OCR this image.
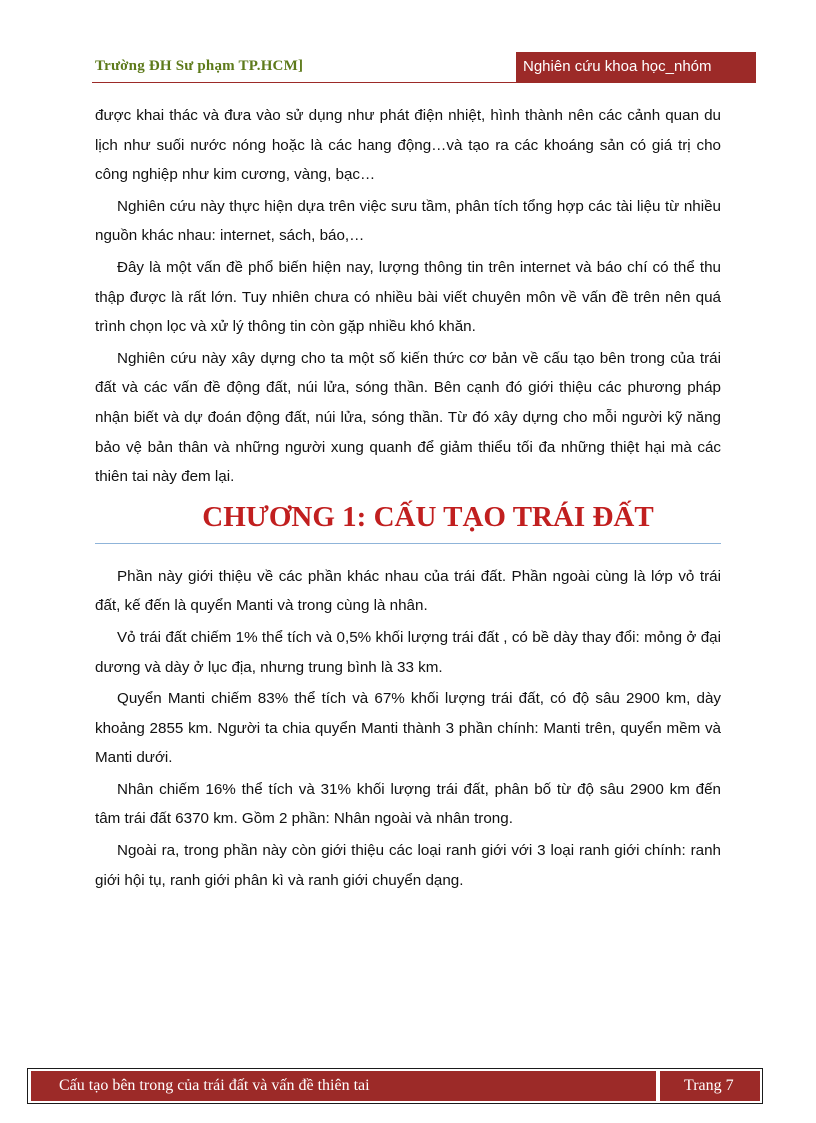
Trường ĐH Sư phạm TP.HCM]	Nghiên cứu khoa học_nhóm

được khai thác và đưa vào sử dụng như phát điện nhiệt, hình thành nên các cảnh quan du lịch như suối nước nóng hoặc là các hang động…và tạo ra các khoáng sản có giá trị cho công nghiệp như kim cương, vàng, bạc…

Nghiên cứu này thực hiện dựa trên việc sưu tầm, phân tích tổng hợp các tài liệu từ nhiều nguồn khác nhau: internet, sách, báo,…

Đây là một vấn đề phổ biến hiện nay, lượng thông tin trên internet và báo chí có thể thu thập được là rất lớn. Tuy nhiên chưa có nhiều bài viết chuyên môn về vấn đề trên nên quá trình chọn lọc và xử lý thông tin còn gặp nhiều khó khăn.

Nghiên cứu này xây dựng cho ta một số kiến thức cơ bản về cấu tạo bên trong của trái đất và các vấn đề động đất, núi lửa, sóng thần. Bên cạnh đó giới thiệu các phương pháp nhận biết và dự đoán động đất, núi lửa, sóng thần. Từ đó xây dựng cho mỗi người kỹ năng bảo vệ bản thân và những người xung quanh để giảm thiểu tối đa những thiệt hại mà các thiên tai này đem lại.

CHƯƠNG 1: CẤU TẠO TRÁI ĐẤT

Phần này giới thiệu về các phần khác nhau của trái đất. Phần ngoài cùng là lớp vỏ trái đất, kế đến là quyển Manti và trong cùng là nhân.

Vỏ trái đất chiếm 1% thể tích và 0,5% khối lượng trái đất , có bề dày thay đổi: mỏng ở đại dương và dày ở lục địa, nhưng trung bình là 33 km.

Quyển Manti chiếm 83% thể tích và 67% khối lượng trái đất, có độ sâu 2900 km, dày khoảng 2855 km. Người ta chia quyển Manti thành 3 phần chính: Manti trên, quyển mềm và Manti dưới.

Nhân chiếm 16% thể tích và 31% khối lượng trái đất, phân bố từ độ sâu 2900 km đến tâm trái đất 6370 km. Gồm 2 phần: Nhân ngoài và nhân trong.

Ngoài ra, trong phần này còn giới thiệu các loại ranh giới với 3 loại ranh giới chính: ranh giới hội tụ, ranh giới phân kì và ranh giới chuyển dạng.

Cấu tạo bên trong của trái đất và vấn đề thiên tai	Trang 7
